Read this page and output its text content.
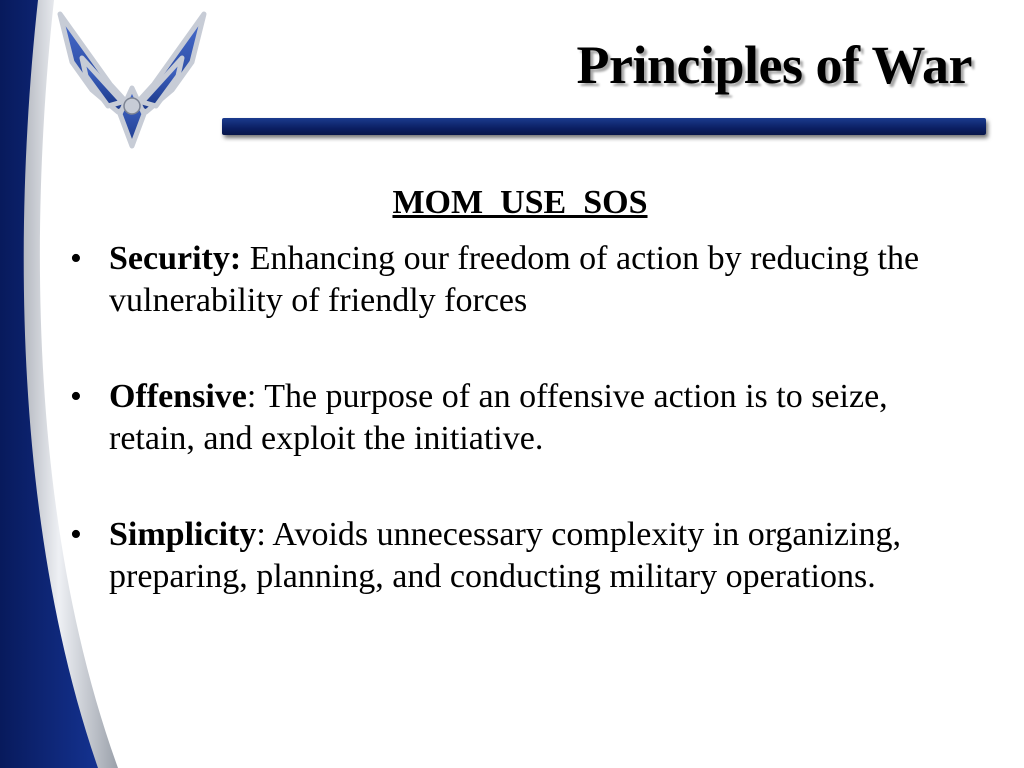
Principles of War
MOM  USE  SOS
• Security: Enhancing our freedom of action by reducing the vulnerability of friendly forces
• Offensive: The purpose of an offensive action is to seize, retain, and exploit the initiative.
• Simplicity: Avoids unnecessary complexity in organizing, preparing, planning, and conducting military operations.
